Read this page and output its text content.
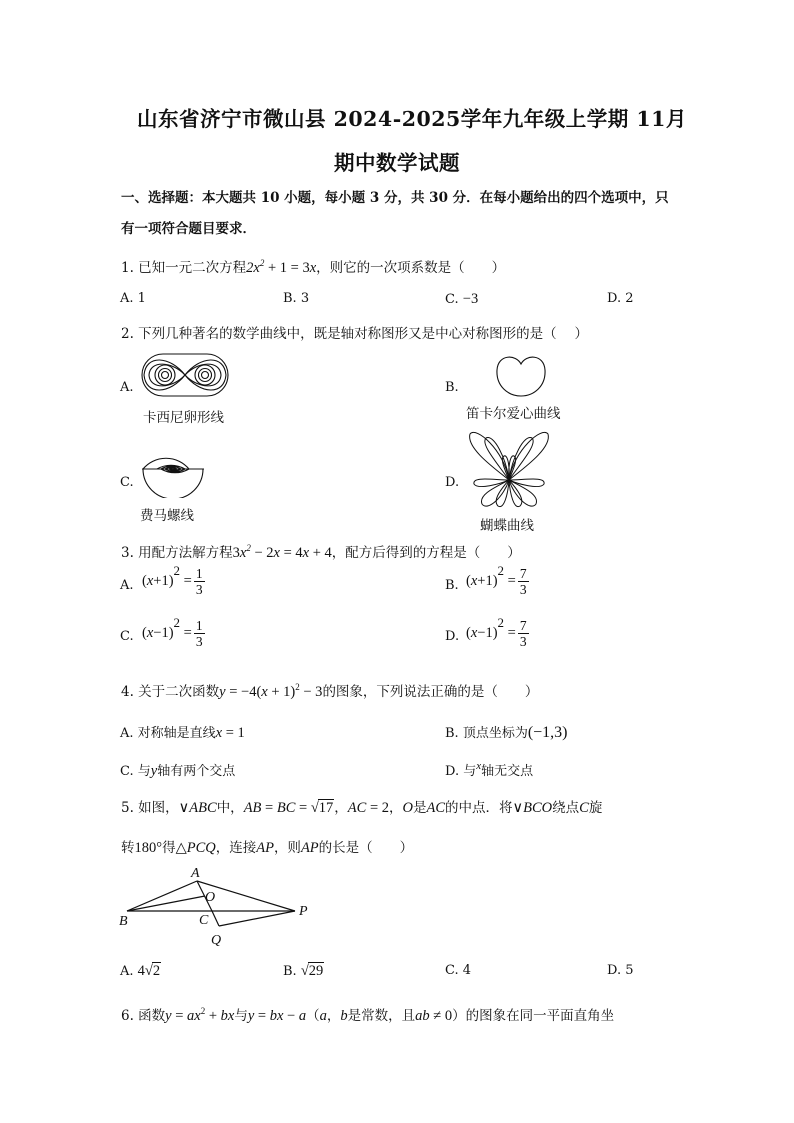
山东省济宁市微山县 2024-2025学年九年级上学期 11月
期中数学试题
一、选择题：本大题共 10 小题，每小题 3 分，共 30 分．在每小题给出的四个选项中，只
有一项符合题目要求．
1. 已知一元二次方程$2x^2 + 1 = 3x$，则它的一次项系数是（　　）
A. 1	B. 3	C. −3	D. 2
2. 下列几种著名的数学曲线中，既是轴对称图形又是中心对称图形的是（　 ）
A.
卡西尼卵形线
B.
笛卡尔爱心曲线
C.
费马螺线
D.
蝴蝶曲线
3. 用配方法解方程$3x^2 - 2x = 4x + 4$，配方后得到的方程是（　　）
A. $(x+1)2 = \frac{1}{3}$	B. $(x+1)2 = \frac{7}{3}$
C. $(x-1)2 = \frac{1}{3}$	D. $(x-1)2 = \frac{7}{3}$
4. 关于二次函数$y = -4(x + 1)^2 - 3$的图象，下列说法正确的是（　　）
A. 对称轴是直线x = 1	B. 顶点坐标为(−1,3)
C. 与y轴有两个交点	D. 与$^x$轴无交点
5. 如图，∨ABC中，AB = BC = √17，AC = 2，O是AC的中点．将∨BCO绕点C旋
转180°得△PCQ，连接AP，则AP的长是（　　）
A
O
B	C
P
Q
A. 4√2	B. √29	C. 4	D. 5
6. 函数$y = ax^2$ + bx与y = bx − a（a，b是常数，且ab ≠ 0）的图象在同一平面直角坐
